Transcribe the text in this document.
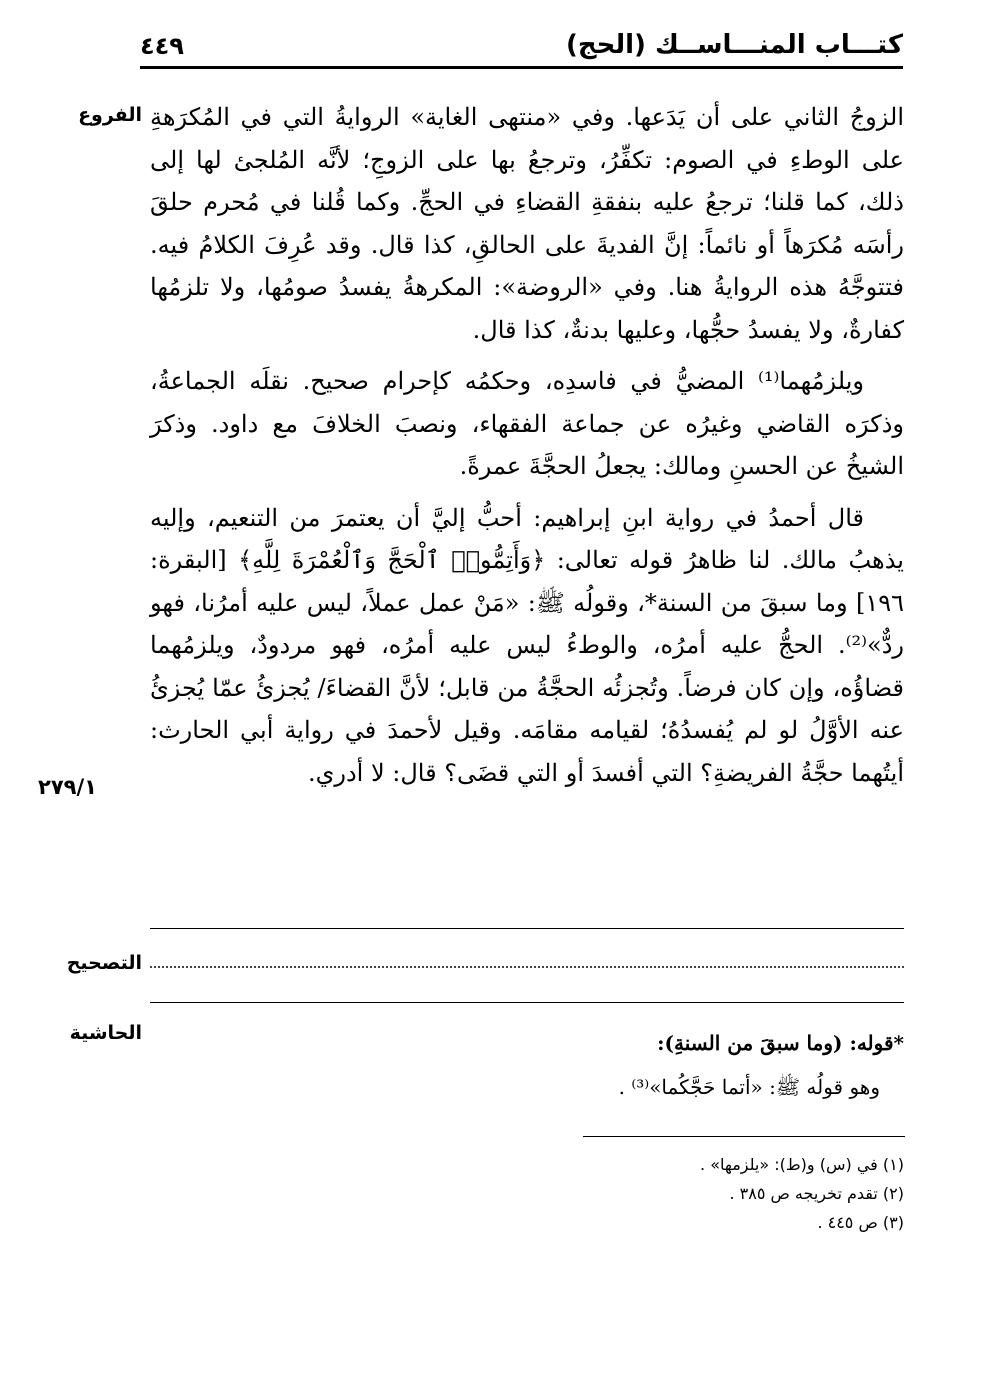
كتـــاب المنـــاســك (الحج)
٤٤٩
الفروع
٢٧٩/١

الزوجُ الثاني على أن يَدَعها. وفي «منتهى الغاية» الروايةُ التي في المُكرَهةِ على الوطءِ في الصوم: تكفِّرُ، وترجعُ بها على الزوجِ؛ لأنَّه المُلجئ لها إلى ذلك، كما قلنا؛ ترجعُ عليه بنفقةِ القضاءِ في الحجِّ. وكما قُلنا في مُحرم حلقَ رأسَه مُكرَهاً أو نائماً: إنَّ الفديةَ على الحالقِ، كذا قال. وقد عُرِفَ الكلامُ فيه. فتتوجَّهُ هذه الروايةُ هنا. وفي «الروضة»: المكرهةُ يفسدُ صومُها، ولا تلزمُها كفارةٌ، ولا يفسدُ حجُّها، وعليها بدنةٌ، كذا قال.

ويلزمُهما⁽¹⁾ المضيُّ في فاسدِه، وحكمُه كإحرام صحيح. نقلَه الجماعةُ، وذكرَه القاضي وغيرُه عن جماعة الفقهاء، ونصبَ الخلافَ مع داود. وذكرَ الشيخُ عن الحسنِ ومالك: يجعلُ الحجَّةَ عمرةً.

قال أحمدُ في رواية ابنِ إبراهيم: أحبُّ إليَّ أن يعتمرَ من التنعيم، وإليه يذهبُ مالك. لنا ظاهرُ قوله تعالى: ﴿وَأَتِمُّوا۟ ٱلْحَجَّ وَٱلْعُمْرَةَ لِلَّهِ﴾ [البقرة: ١٩٦] وما سبقَ من السنة*، وقولُه ﷺ: «مَنْ عمل عملاً، ليس عليه أمرُنا، فهو ردٌّ»⁽²⁾. الحجُّ عليه أمرُه، والوطءُ ليس عليه أمرُه، فهو مردودٌ، ويلزمُهما قضاؤُه، وإن كان فرضاً. وتُجزئُه الحجَّةُ من قابل؛ لأنَّ القضاءَ/ يُجزئُ عمّا يُجزئُ عنه الأوَّلُ لو لم يُفسدُهُ؛ لقيامه مقامَه. وقيل لأحمدَ في رواية أبي الحارث: أيتُهما حجَّةُ الفريضةِ؟ التي أفسدَ أو التي قضَى؟ قال: لا أدري.

التصحيح
الحاشية	*قوله: (وما سبقَ من السنةِ):

وهو قولُه ﷺ: «أتما حَجَّكُما»⁽³⁾ .

(١) في (س) و(ط): «يلزمها» .
(٢) تقدم تخريجه ص ٣٨٥ .
(٣) ص ٤٤٥ .
